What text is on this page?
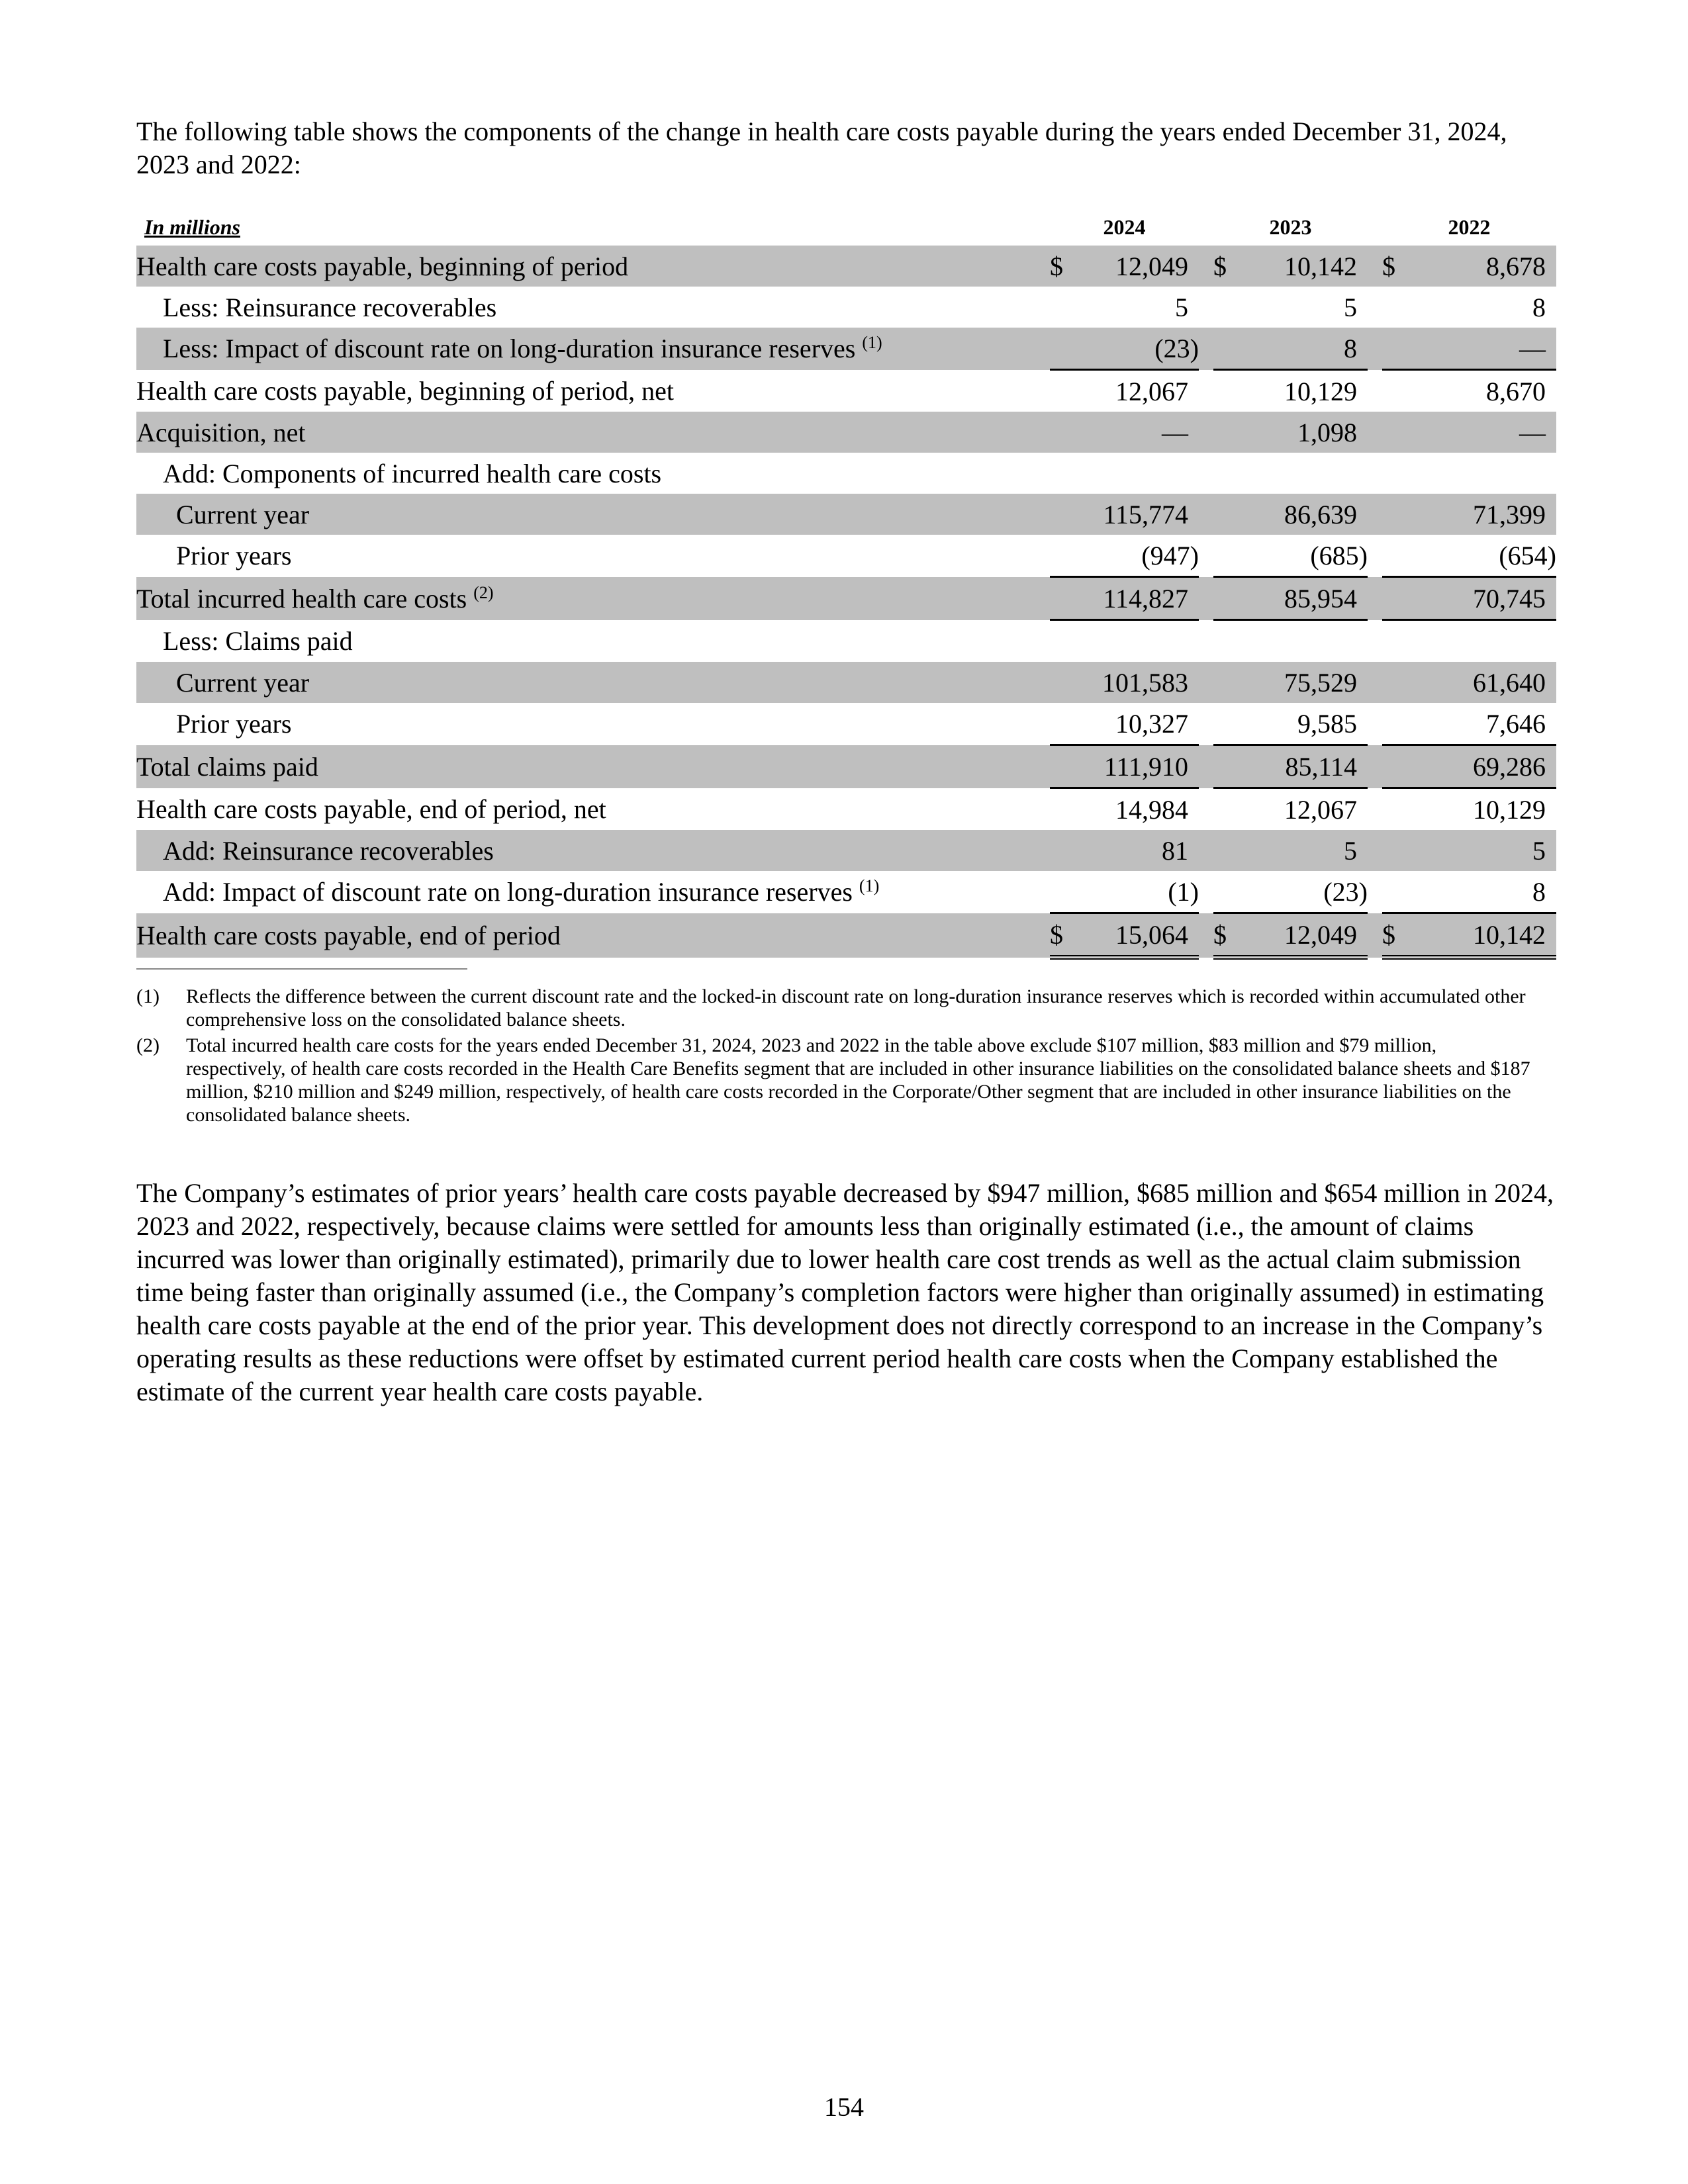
The following table shows the components of the change in health care costs payable during the years ended December 31, 2024, 2023 and 2022:

In millions	2024			2023			2022	
Health care costs payable, beginning of period	$	12,049		$	10,142		$	8,678
Less: Reinsurance recoverables		5			5			8
Less: Impact of discount rate on long-duration insurance reserves $^{(1)}$		(23)			8			—
Health care costs payable, beginning of period, net		12,067			10,129			8,670
Acquisition, net		—			1,098			—
Add: Components of incurred health care costs								
Current year		115,774			86,639			71,399
Prior years		(947)			(685)			(654)
Total incurred health care costs $^{(2)}$		114,827			85,954			70,745
Less: Claims paid								
Current year		101,583			75,529			61,640
Prior years		10,327			9,585			7,646
Total claims paid		111,910			85,114			69,286
Health care costs payable, end of period, net		14,984			12,067			10,129
Add: Reinsurance recoverables		81			5			5
Add: Impact of discount rate on long-duration insurance reserves $^{(1)}$		(1)			(23)			8
Health care costs payable, end of period	$	15,064		$	12,049		$	10,142
(1)	Reflects the difference between the current discount rate and the locked-in discount rate on long-duration insurance reserves which is recorded within accumulated other comprehensive loss on the consolidated balance sheets.
(2)	Total incurred health care costs for the years ended December 31, 2024, 2023 and 2022 in the table above exclude $107 million, $83 million and $79 million, respectively, of health care costs recorded in the Health Care Benefits segment that are included in other insurance liabilities on the consolidated balance sheets and $187 million, $210 million and $249 million, respectively, of health care costs recorded in the Corporate/Other segment that are included in other insurance liabilities on the consolidated balance sheets.

The Company’s estimates of prior years’ health care costs payable decreased by $947 million, $685 million and $654 million in 2024, 2023 and 2022, respectively, because claims were settled for amounts less than originally estimated (i.e., the amount of claims incurred was lower than originally estimated), primarily due to lower health care cost trends as well as the actual claim submission time being faster than originally assumed (i.e., the Company’s completion factors were higher than originally assumed) in estimating health care costs payable at the end of the prior year. This development does not directly correspond to an increase in the Company’s operating results as these reductions were offset by estimated current period health care costs when the Company established the estimate of the current year health care costs payable.

154
